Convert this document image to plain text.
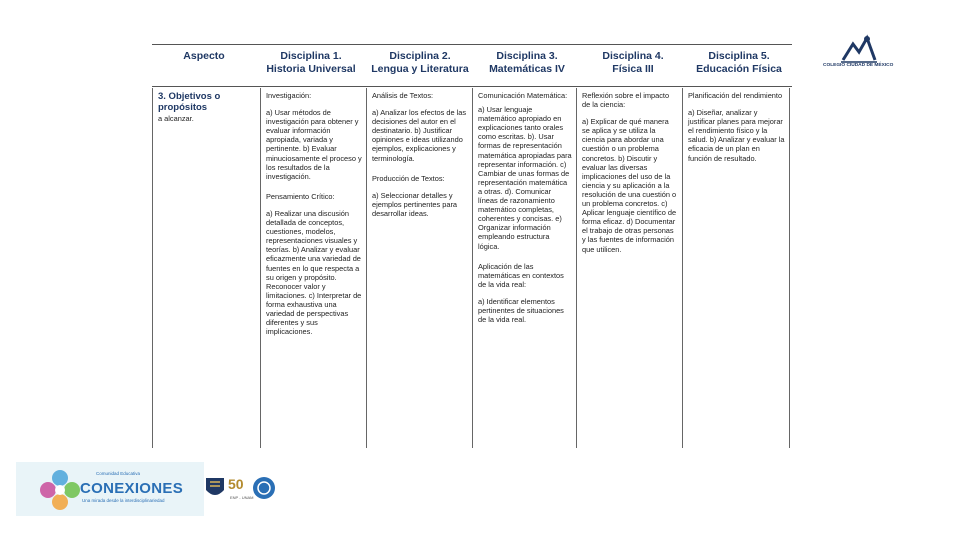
Aspecto	Disciplina 1.
Historia Universal
Disciplina 2.
Lengua y Literatura
Disciplina 3.
Matemáticas IV
Disciplina 4.
Física III
Disciplina 5.
Educación Física
3. Objetivos o propósitos
a alcanzar.

Investigación:

a) Usar métodos de investigación para obtener y evaluar información apropiada, variada y pertinente. b) Evaluar minuciosamente el proceso y los resultados de la investigación.

Pensamiento Crítico:

a) Realizar una discusión detallada de conceptos, cuestiones, modelos, representaciones visuales y teorías. b) Analizar y evaluar eficazmente una variedad de fuentes en lo que respecta a su origen y propósito. Reconocer valor y limitaciones. c) Interpretar de forma exhaustiva una variedad de perspectivas diferentes y sus implicaciones.

Análisis de Textos:

a) Analizar los efectos de las decisiones del autor en el destinatario. b) Justificar opiniones e ideas utilizando ejemplos, explicaciones y terminología.

Producción de Textos:

a) Seleccionar detalles y ejemplos pertinentes para desarrollar ideas.

Comunicación Matemática:

a) Usar lenguaje matemático apropiado en explicaciones tanto orales como escritas. b). Usar formas de representación matemática apropiadas para representar información. c) Cambiar de unas formas de representación matemática a otras. d). Comunicar líneas de razonamiento matemático completas, coherentes y concisas. e) Organizar información empleando estructura lógica.

Aplicación de las matemáticas en contextos de la vida real:

a) Identificar elementos pertinentes de situaciones de la vida real.

Reflexión sobre el impacto de la ciencia:

a) Explicar de qué manera se aplica y se utiliza la ciencia para abordar una cuestión o un problema concretos. b) Discutir y evaluar las diversas implicaciones del uso de la ciencia y su aplicación a la resolución de una cuestión o un problema concretos. c) Aplicar lenguaje científico de forma eficaz. d) Documentar el trabajo de otras personas y las fuentes de información que utilicen.

Planificación del rendimiento

a) Diseñar, analizar y justificar planes para mejorar el rendimiento físico y la salud. b) Analizar y evaluar la eficacia de un plan en función de resultado.

COLEGIO CIUDAD DE MÉXICO
Comunidad Educativa
CONEXIONES
Una mirada desde la interdisciplinariedad
50
ENP - UNAM
